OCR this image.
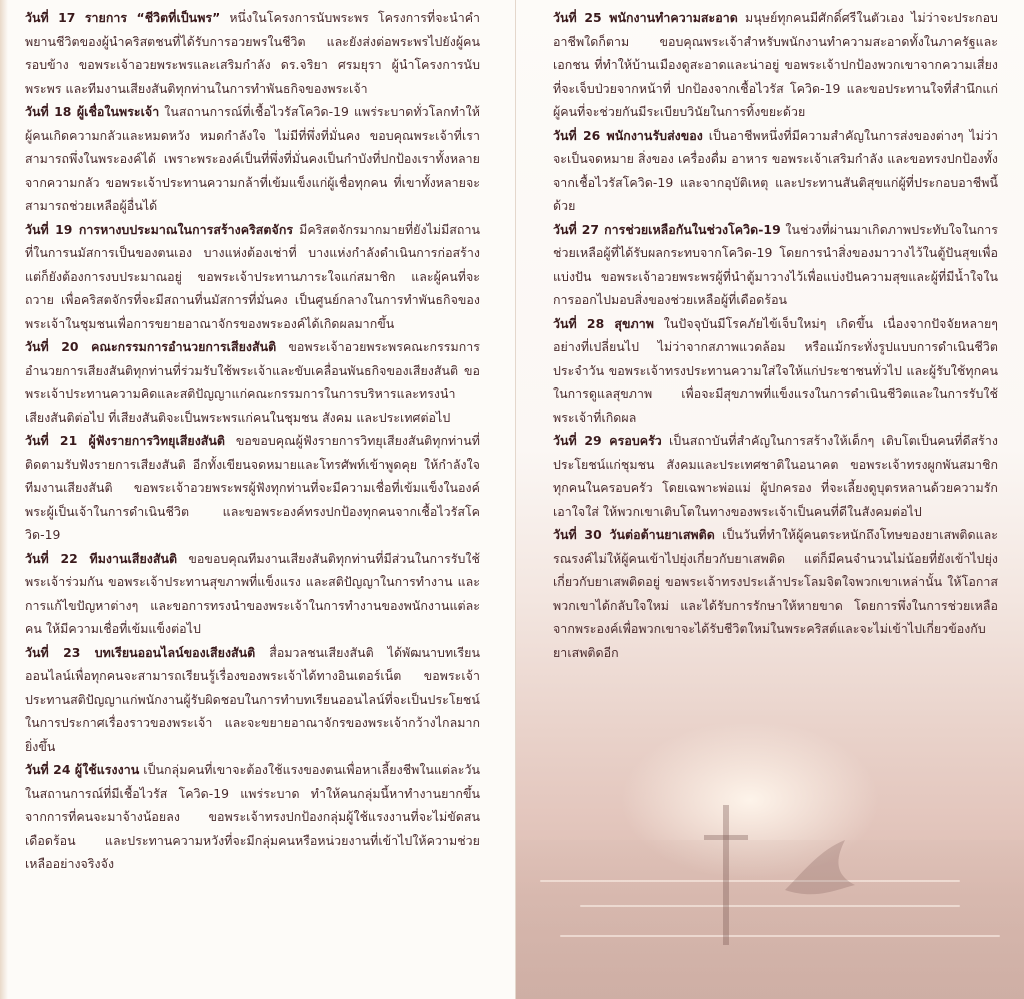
วันที่ 17 รายการ “ชีวิตที่เป็นพร” หนึ่งในโครงการนับพระพร โครงการที่จะนำคำพยานชีวิตของผู้นำคริสตชนที่ได้รับการอวยพรในชีวิต และยังส่งต่อพระพรไปยังผู้คนรอบข้าง ขอพระเจ้าอวยพระพรและเสริมกำลัง ดร.จริยา ศรมยุรา ผู้นำโครงการนับพระพร และทีมงานเสียงสันติทุกท่านในการทำพันธกิจของพระเจ้า

วันที่ 18 ผู้เชื่อในพระเจ้า ในสถานการณ์ที่เชื้อไวรัสโควิด-19 แพร่ระบาดทั่วโลกทำให้ผู้คนเกิดความกลัวและหมดหวัง หมดกำลังใจ ไม่มีที่พึ่งที่มั่นคง ขอบคุณพระเจ้าที่เราสามารถพึ่งในพระองค์ได้ เพราะพระองค์เป็นที่พึ่งที่มั่นคงเป็นกำบังที่ปกป้องเราทั้งหลายจากความกลัว ขอพระเจ้าประทานความกล้าที่เข้มแข็งแก่ผู้เชื่อทุกคน ที่เขาทั้งหลายจะสามารถช่วยเหลือผู้อื่นได้

วันที่ 19 การหางบประมาณในการสร้างคริสตจักร มีคริสตจักรมากมายที่ยังไม่มีสถานที่ในการนมัสการเป็นของตนเอง บางแห่งต้องเช่าที่ บางแห่งกำลังดำเนินการก่อสร้างแต่ก็ยังต้องการงบประมาณอยู่ ขอพระเจ้าประทานภาระใจแก่สมาชิก และผู้คนที่จะถวาย เพื่อคริสตจักรที่จะมีสถานที่นมัสการที่มั่นคง เป็นศูนย์กลางในการทำพันธกิจของพระเจ้าในชุมชนเพื่อการขยายอาณาจักรของพระองค์ได้เกิดผลมากขึ้น

วันที่ 20 คณะกรรมการอำนวยการเสียงสันติ ขอพระเจ้าอวยพระพรคณะกรรมการอำนวยการเสียงสันติทุกท่านที่ร่วมรับใช้พระเจ้าและขับเคลื่อนพันธกิจของเสียงสันติ ขอพระเจ้าประทานความคิดและสติปัญญาแก่คณะกรรมการในการบริหารและทรงนำเสียงสันติต่อไป ที่เสียงสันติจะเป็นพระพรแก่คนในชุมชน สังคม และประเทศต่อไป

วันที่ 21 ผู้ฟังรายการวิทยุเสียงสันติ ขอขอบคุณผู้ฟังรายการวิทยุเสียงสันติทุกท่านที่ติดตามรับฟังรายการเสียงสันติ อีกทั้งเขียนจดหมายและโทรศัพท์เข้าพูดคุย ให้กำลังใจทีมงานเสียงสันติ ขอพระเจ้าอวยพระพรผู้ฟังทุกท่านที่จะมีความเชื่อที่เข้มแข็งในองค์พระผู้เป็นเจ้าในการดำเนินชีวิต และขอพระองค์ทรงปกป้องทุกคนจากเชื้อไวรัสโควิด-19

วันที่ 22 ทีมงานเสียงสันติ ขอขอบคุณทีมงานเสียงสันติทุกท่านที่มีส่วนในการรับใช้พระเจ้าร่วมกัน ขอพระเจ้าประทานสุขภาพที่แข็งแรง และสติปัญญาในการทำงาน และการแก้ไขปัญหาต่างๆ และขอการทรงนำของพระเจ้าในการทำงานของพนักงานแต่ละคน ให้มีความเชื่อที่เข้มแข็งต่อไป

วันที่ 23 บทเรียนออนไลน์ของเสียงสันติ สื่อมวลชนเสียงสันติ ได้พัฒนาบทเรียนออนไลน์เพื่อทุกคนจะสามารถเรียนรู้เรื่องของพระเจ้าได้ทางอินเตอร์เน็ต ขอพระเจ้าประทานสติปัญญาแก่พนักงานผู้รับผิดชอบในการทำบทเรียนออนไลน์ที่จะเป็นประโยชน์ในการประกาศเรื่องราวของพระเจ้า และจะขยายอาณาจักรของพระเจ้ากว้างไกลมากยิ่งขึ้น

วันที่ 24 ผู้ใช้แรงงาน เป็นกลุ่มคนที่เขาจะต้องใช้แรงของตนเพื่อหาเลี้ยงชีพในแต่ละวัน ในสถานการณ์ที่มีเชื้อไวรัส โควิด-19 แพร่ระบาด ทำให้คนกลุ่มนี้หาทำงานยากขึ้นจากการที่คนจะมาจ้างน้อยลง ขอพระเจ้าทรงปกป้องกลุ่มผู้ใช้แรงงานที่จะไม่ขัดสน เดือดร้อน และประทานความหวังที่จะมีกลุ่มคนหรือหน่วยงานที่เข้าไปให้ความช่วยเหลืออย่างจริงจัง

วันที่ 25 พนักงานทำความสะอาด มนุษย์ทุกคนมีศักดิ์ศรีในตัวเอง ไม่ว่าจะประกอบอาชีพใดก็ตาม ขอบคุณพระเจ้าสำหรับพนักงานทำความสะอาดทั้งในภาครัฐและเอกชน ที่ทำให้บ้านเมืองดูสะอาดและน่าอยู่ ขอพระเจ้าปกป้องพวกเขาจากความเสี่ยงที่จะเจ็บป่วยจากหน้าที่ ปกป้องจากเชื้อไวรัส โควิด-19 และขอประทานใจที่สำนึกแก่ผู้คนที่จะช่วยกันมีระเบียบวินัยในการทิ้งขยะด้วย

วันที่ 26 พนักงานรับส่งของ เป็นอาชีพหนึ่งที่มีความสำคัญในการส่งของต่างๆ ไม่ว่าจะเป็นจดหมาย สิ่งของ เครื่องดื่ม อาหาร ขอพระเจ้าเสริมกำลัง และขอทรงปกป้องทั้งจากเชื้อไวรัสโควิด-19 และจากอุบัติเหตุ และประทานสันติสุขแก่ผู้ที่ประกอบอาชีพนี้ด้วย

วันที่ 27 การช่วยเหลือกันในช่วงโควิด-19 ในช่วงที่ผ่านมาเกิดภาพประทับใจในการช่วยเหลือผู้ที่ได้รับผลกระทบจากโควิด-19 โดยการนำสิ่งของมาวางไว้ในตู้ปันสุขเพื่อแบ่งปัน ขอพระเจ้าอวยพระพรผู้ที่นำตู้มาวางไว้เพื่อแบ่งปันความสุขและผู้ที่มีน้ำใจในการออกไปมอบสิ่งของช่วยเหลือผู้ที่เดือดร้อน

วันที่ 28 สุขภาพ ในปัจจุบันมีโรคภัยไข้เจ็บใหม่ๆ เกิดขึ้น เนื่องจากปัจจัยหลายๆ อย่างที่เปลี่ยนไป ไม่ว่าจากสภาพแวดล้อม หรือแม้กระทั่งรูปแบบการดำเนินชีวิตประจำวัน ขอพระเจ้าทรงประทานความใส่ใจให้แก่ประชาชนทั่วไป และผู้รับใช้ทุกคน ในการดูแลสุขภาพ เพื่อจะมีสุขภาพที่แข็งแรงในการดำเนินชีวิตและในการรับใช้พระเจ้าที่เกิดผล

วันที่ 29 ครอบครัว เป็นสถาบันที่สำคัญในการสร้างให้เด็กๆ เติบโตเป็นคนที่ดีสร้างประโยชน์แก่ชุมชน สังคมและประเทศชาติในอนาคต ขอพระเจ้าทรงผูกพันสมาชิกทุกคนในครอบครัว โดยเฉพาะพ่อแม่ ผู้ปกครอง ที่จะเลี้ยงดูบุตรหลานด้วยความรัก เอาใจใส่ ให้พวกเขาเติบโตในทางของพระเจ้าเป็นคนที่ดีในสังคมต่อไป

วันที่ 30 วันต่อต้านยาเสพติด เป็นวันที่ทำให้ผู้คนตระหนักถึงโทษของยาเสพติดและรณรงค์ไม่ให้ผู้คนเข้าไปยุ่งเกี่ยวกับยาเสพติด แต่ก็มีคนจำนวนไม่น้อยที่ยังเข้าไปยุ่งเกี่ยวกับยาเสพติดอยู่ ขอพระเจ้าทรงประเล้าประโลมจิตใจพวกเขาเหล่านั้น ให้โอกาสพวกเขาได้กลับใจใหม่ และได้รับการรักษาให้หายขาด โดยการพึ่งในการช่วยเหลือจากพระองค์เพื่อพวกเขาจะได้รับชีวิตใหม่ในพระคริสต์และจะไม่เข้าไปเกี่ยวข้องกับยาเสพติดอีก
